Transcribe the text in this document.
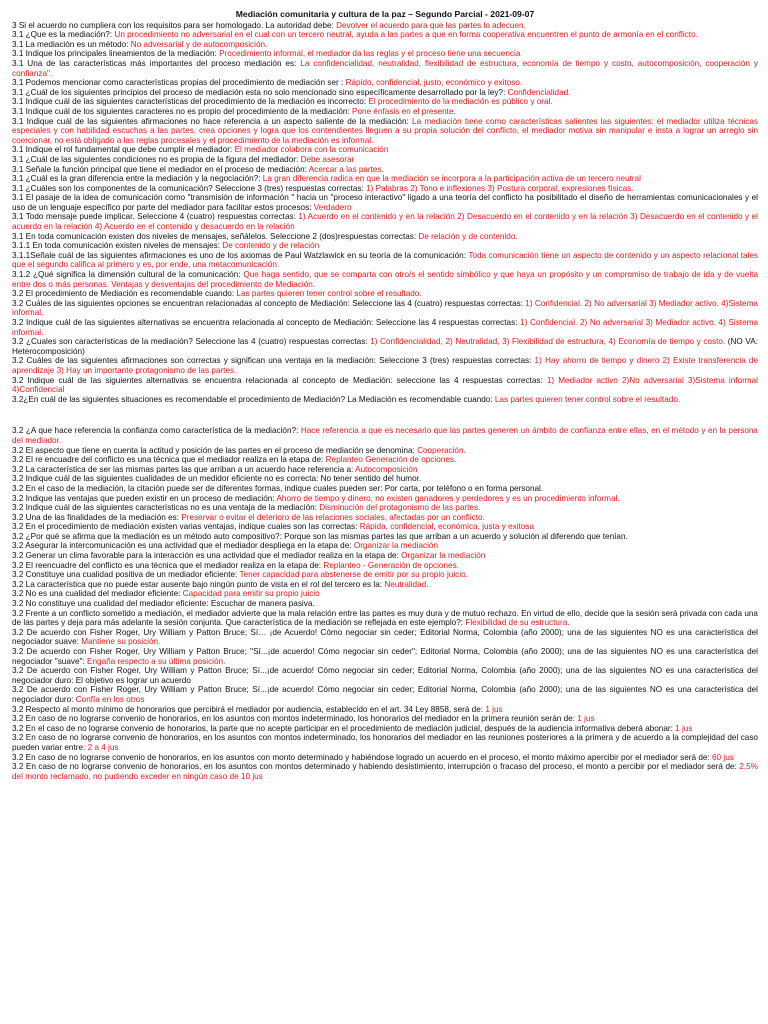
Mediación comunitaria y cultura de la paz – Segundo Parcial - 2021-09-07

3 Si el acuerdo no cumpliera con los requisitos para ser homologado. La autoridad debe: Devolver el acuerdo para que las partes lo adecuen.

3.1 ¿Que es la mediación?: Un procedimiento no adversarial en el cual con un tercero neutral, ayuda a las partes a que en forma cooperativa encuentren el punto de armonía en el conflicto.

3.1 La mediación es un método: No adversarial y de autocomposición.

3.1 Indique los principales lineamientos de la mediación: Procedimiento informal, el mediador da las reglas y el proceso tiene una secuencia

3.1 Una de las características más importantes del proceso mediación es: La confidencialidad, neutralidad, flexibilidad de estructura, economía de tiempo y costo, autocomposición, cooperación y confianza".

3.1 Podemos mencionar como características propias del procedimiento de mediación ser : Rápido, confidencial, justo, económico y exitoso.

3.1 ¿Cuál de los siguientes principios del proceso de mediación esta no solo mencionado sino específicamente desarrollado por la ley?: Confidencialidad.

3.1 Indique cuál de las siguientes características del procedimiento de la mediación es incorrecto: El procedimiento de la mediación es público y oral.

3.1 Indique cuál de los siguientes caracteres no es propio del procedimiento de la mediación: Pone énfasis en el presente.

3.1 Indique cuál de las siguientes afirmaciones no hace referencia a un aspecto saliente de la mediación: La mediación tiene como características salientes las siguientes: el mediador utiliza técnicas especiales y con habilidad escuchas a las partes, crea opciones y logra que los contendientes lleguen a su propia solución del conflicto, el mediador motiva sin manipular e insta a lograr un arreglo sin coercionar, no está obligado a las reglas procesales y el procedimiento de la mediación es informal.

3.1 Indique el rol fundamental que debe cumplir el mediador: El mediador colabora con la comunicación

3.1 ¿Cuál de las siguientes condiciones no es propia de la figura del mediador: Debe asesorar

3.1 Señale la función principal que tiene el mediador en el proceso de mediación: Acercar a las partes.

3.1 ¿Cuál es la gran diferencia entre la mediación y la negociación?: La gran diferencia radica en que la mediación se incorpora a la participación activa de un tercero neutral

3.1 ¿Cuáles son los componentes de la comunicación? Seleccione 3 (tres) respuestas correctas: 1) Palabras 2) Tono e inflexiones 3) Postura corporal, expresiones físicas.

3.1 El pasaje de la idea de comunicación como "transmisión de información " hacia un "proceso interactivo" ligado a una teoría del conflicto ha posibilitado el diseño de herramientas comunicacionales y el uso de un lenguaje específico por parte del mediador para facilitar estos procesos: Verdadero

3.1 Todo mensaje puede implicar. Seleccione 4 (cuatro) respuestas correctas: 1) Acuerdo en el contenido y en la relación 2) Desacuerdo en el contenido y en la relación 3) Desacuerdo en el contenido y el acuerdo en la relación 4) Acuerdo en el contenido y desacuerdo en la relación

3.1 En toda comunicación existen dos niveles de mensajes, señálelos. Seleccione 2 (dos)respuestas correctas: De relación y de contenido.

3.1.1 En toda comunicación existen niveles de mensajes: De contenido y de relación

3.1.1Señale cuál de las siguientes afirmaciones es uno de los axiomas de Paul Watzlawick en su teoría de la comunicación: Toda comunicación tiene un aspecto de contenido y un aspecto relacional tales que el segundo califica al primero y es, por ende, una metacomunicación.

3.1.2 ¿Qué significa la dimensión cultural de la comunicación: Que haga sentido, que se comparta con otro/s el sentido simbólico y que haya un propósito y un compromiso de trabajo de ida y de vuelta entre dos o más personas. Ventajas y desventajas del procedimiento de Mediación.

3.2 El procedimiento de Mediación es recomendable cuando: Las partes quieren tener control sobre el resultado.

3.2 Cuáles de las siguientes opciones se encuentran relacionadas al concepto de Mediación: Seleccione las 4 (cuatro) respuestas correctas: 1) Confidencial. 2) No adversarial 3) Mediador activo. 4)Sistema informal.

3.2 Indique cuál de las siguientes alternativas se encuentra relacionada al concepto de Mediación: Seleccione las 4 respuestas correctas: 1) Confidencial. 2) No adversarial 3) Mediador activo. 4) Sistema informal.

3.2 ¿Cuales son características de la mediación? Seleccione las 4 (cuatro) respuestas correctas: 1) Confidencialidad, 2) Neutralidad, 3) Flexibilidad de estructura, 4) Economía de tiempo y costo. (NO VA: Heterocomposición)

3.2 Cuáles de las siguientes afirmaciones son correctas y significan una ventaja en la mediación: Seleccione 3 (tres) respuestas correctas: 1) Hay ahorro de tiempo y dinero 2) Existe transferencia de aprendizaje 3) Hay un importante protagonismo de las partes.

3.2 Indique cuál de las siguientes alternativas se encuentra relacionada al concepto de Mediación: seleccione las 4 respuestas correctas: 1) Mediador activo 2)No adversarial 3)Sistema informal 4)Confidencial

3.2¿En cuál de las siguientes situaciones es recomendable el procedimiento de Mediación? La Mediación es recomendable cuando: Las partes quieren tener control sobre el resultado.

3.2 ¿A que hace referencia la confianza como característica de la mediación?: Hace referencia a que es necesario que las partes generen un ámbito de confianza entre ellas, en el método y en la persona del mediador.

3.2 El aspecto que tiene en cuenta la actitud y posición de las partes en el proceso de mediación se denomina: Cooperación.

3.2 El re encuadre del conflicto es una técnica que el mediador realiza en la etapa de: Replanteo Generación de opciones.

3.2 La característica de ser las mismas partes las que arriban a un acuerdo hace referencia a: Autocomposición

3.2 Indique cuál de las siguientes cualidades de un medidor eficiente no es correcta: No tener sentido del humor.

3.2 En el caso de la mediación, la citación puede ser de diferentes formas, indique cuales pueden ser: Por carta, por teléfono o en forma personal.

3.2 Indique las ventajas que pueden existir en un proceso de mediación: Ahorro de tiempo y dinero, no existen ganadores y perdedores y es un procedimiento informal.

3.2 Indique cuál de las siguientes características no es una ventaja de la mediación: Disminución del protagonismo de las partes.

3.2 Una de las finalidades de la mediación es: Preservar o evitar el deterioro de las relaciones sociales, afectadas por un conflicto.

3.2 En el procedimiento de mediación existen varias ventajas, indique cuales son las correctas: Rápida, confidencial, económica, justa y exitosa

3.2 ¿Por qué se afirma que la mediación es un método auto compositivo?: Porque son las mismas partes las que arriban a un acuerdo y solución al diferendo que tenían.

3.2 Asegurar la intercomunicación es una actividad que el mediador despliega en la etapa de: Organizar la mediación

3.2 Generar un clima favorable para la interacción es una actividad que el mediador realiza en la etapa de: Organizar la mediación

3.2 El reencuadre del conflicto es una técnica que el mediador realiza en la etapa de: Replanteo - Generación de opciones.

3.2 Constituye una cualidad positiva de un mediador eficiente: Tener capacidad para abstenerse de emitir por su propio juicio.

3.2 La característica que no puede estar ausente bajo ningún punto de vista en el rol del tercero es la: Neutralidad.

3.2 No es una cualidad del mediador eficiente: Capacidad para emitir su propio juicio

3.2 No constituye una cualidad del mediador eficiente: Escuchar de manera pasiva.

3.2 Frente a un conflicto sometido a mediación, el mediador advierte que la mala relación entre las partes es muy dura y de mutuo rechazo. En virtud de ello, decide que la sesión será privada con cada una de las partes y deja para más adelante la sesión conjunta. Que característica de la mediación se reflejada en este ejemplo?: Flexibilidad de su estructura.

3.2 De acuerdo con Fisher Roger, Ury William y Patton Bruce; Sí… ¡de Acuerdo! Cómo negociar sin ceder; Editorial Norma, Colombia (año 2000); una de las siguientes NO es una característica del negociador suave: Mantiene su posición.

3.2 De acuerdo con Fisher Roger, Ury William y Patton Bruce; "Sí...¡de acuerdo! Cómo negociar sin ceder"; Editorial Norma, Colombia (año 2000); una de las siguientes NO es una característica del negociador "suave": Engaña respecto a su última posición.

3.2 De acuerdo con Fisher Roger, Ury William y Patton Bruce; Sí...¡de acuerdo! Cómo negociar sin ceder; Editorial Norma, Colombia (año 2000); una de las siguientes NO es una característica del negociador duro: El objetivo es lograr un acuerdo

3.2 De acuerdo con Fisher Roger, Ury William y Patton Bruce; Sí...¡de acuerdo! Cómo negociar sin ceder; Editorial Norma, Colombia (año 2000); una de las siguientes NO es una característica del negociador duro: Confía en los otros

3.2 Respecto al monto mínimo de honorarios que percibirá el mediador por audiencia, establecido en el art. 34 Ley 8858, será de: 1 jus

3.2 En caso de no lograrse convenio de honorarios, en los asuntos con montos indeterminado, los honorarios del mediador en la primera reunión serán de: 1 jus

3.2 En el caso de no lograrse convenio de honorarios, la parte que no acepte participar en el procedimiento de mediación judicial, después de la audiencia informativa deberá abonar: 1 jus

3.2 En caso de no lograrse convenio de honorarios, en los asuntos con montos indeterminado, los honorarios del mediador en las reuniones posteriores a la primera y de acuerdo a la complejidad del caso pueden variar entre: 2 a 4 jus

3.2 En caso de no lograrse convenio de honorarios, en los asuntos con monto determinado y habiéndose logrado un acuerdo en el proceso, el monto máximo apercibir por el mediador será de: 60 jus

3.2 En caso de no lograrse convenio de honorarios, en los asuntos con montos determinado y habiendo desistimiento, interrupción o fracaso del proceso, el monto a percibir por el mediador será de: 2,5% del monto reclamado, no pudiendo exceder en ningún caso de 10 jus
